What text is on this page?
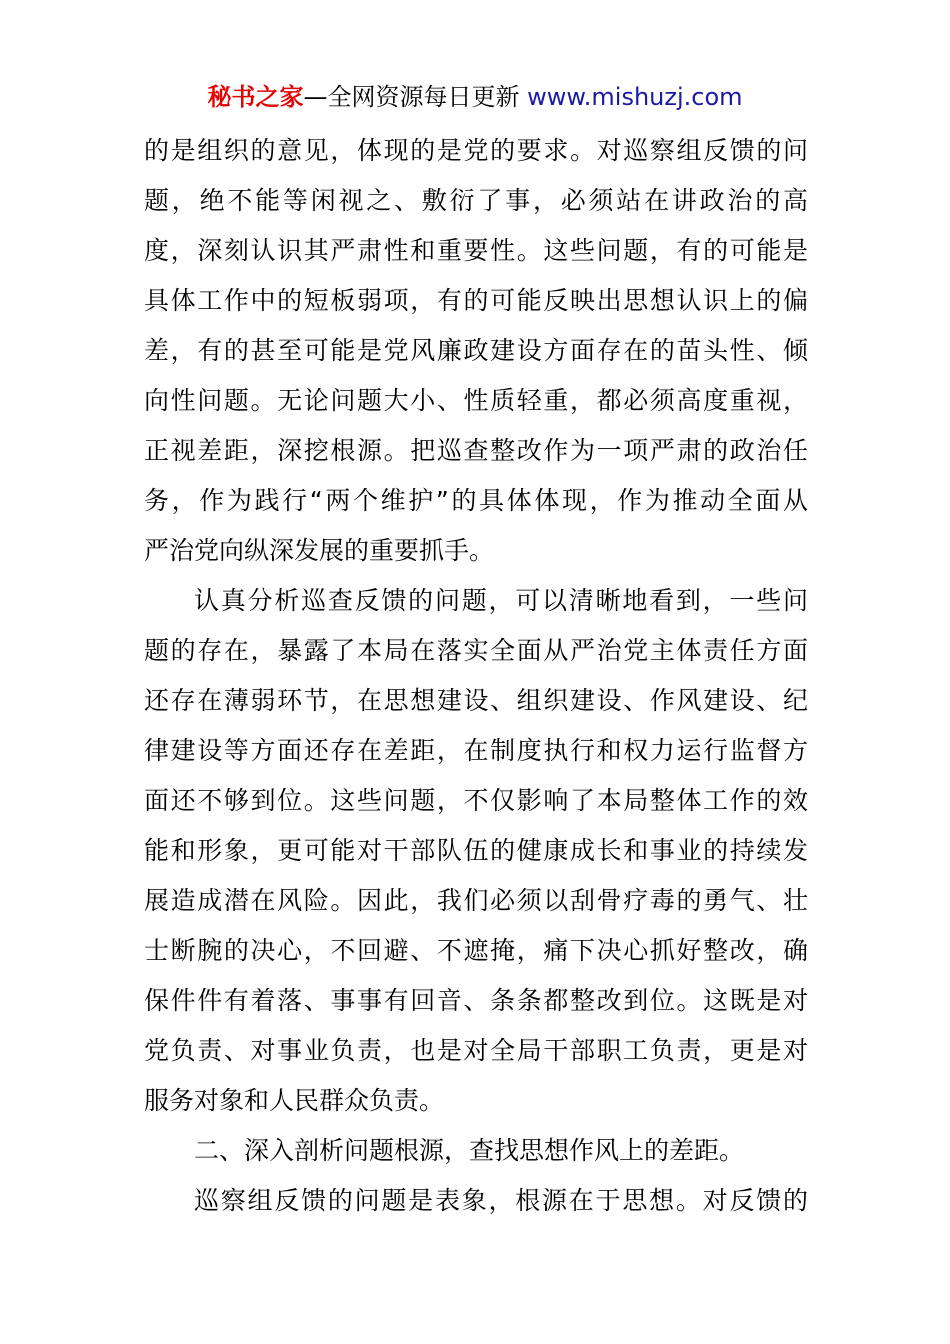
秘书之家—全网资源每日更新 www.mishuzj.com
的是组织的意见，体现的是党的要求。对巡察组反馈的问
题，绝不能等闲视之、敷衍了事，必须站在讲政治的高
度，深刻认识其严肃性和重要性。这些问题，有的可能是
具体工作中的短板弱项，有的可能反映出思想认识上的偏
差，有的甚至可能是党风廉政建设方面存在的苗头性、倾
向性问题。无论问题大小、性质轻重，都必须高度重视，
正视差距，深挖根源。把巡查整改作为一项严肃的政治任
务，作为践行“两个维护”的具体体现，作为推动全面从
严治党向纵深发展的重要抓手。
认真分析巡查反馈的问题，可以清晰地看到，一些问
题的存在，暴露了本局在落实全面从严治党主体责任方面
还存在薄弱环节，在思想建设、组织建设、作风建设、纪
律建设等方面还存在差距，在制度执行和权力运行监督方
面还不够到位。这些问题，不仅影响了本局整体工作的效
能和形象，更可能对干部队伍的健康成长和事业的持续发
展造成潜在风险。因此，我们必须以刮骨疗毒的勇气、壮
士断腕的决心，不回避、不遮掩，痛下决心抓好整改，确
保件件有着落、事事有回音、条条都整改到位。这既是对
党负责、对事业负责，也是对全局干部职工负责，更是对
服务对象和人民群众负责。
二、深入剖析问题根源，查找思想作风上的差距。
巡察组反馈的问题是表象，根源在于思想。对反馈的
